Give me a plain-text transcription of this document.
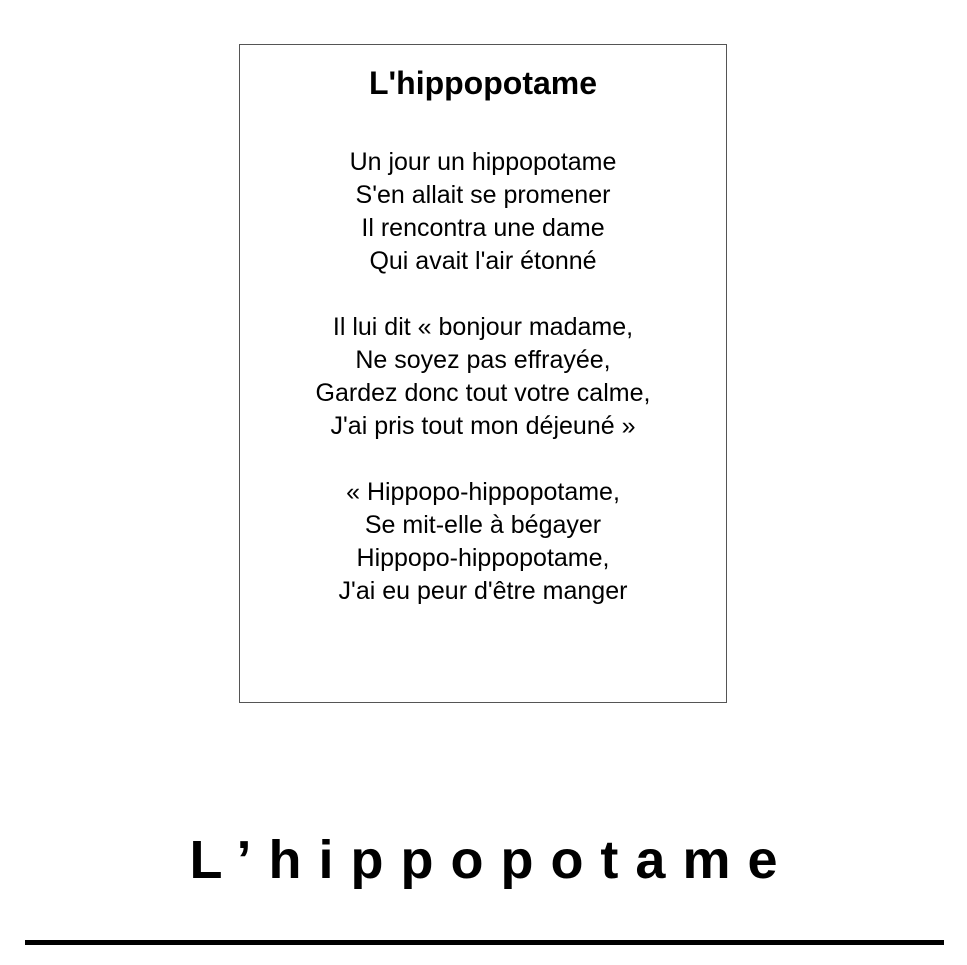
L'hippopotame

Un jour un hippopotame
S'en allait se promener
Il rencontra une dame
Qui avait l'air étonné

Il lui dit « bonjour madame,
Ne soyez pas effrayée,
Gardez donc tout votre calme,
J'ai pris tout mon déjeuné »

« Hippopo-hippopotame,
Se mit-elle à bégayer
Hippopo-hippopotame,
J'ai eu peur d'être manger

L’hippopotame
